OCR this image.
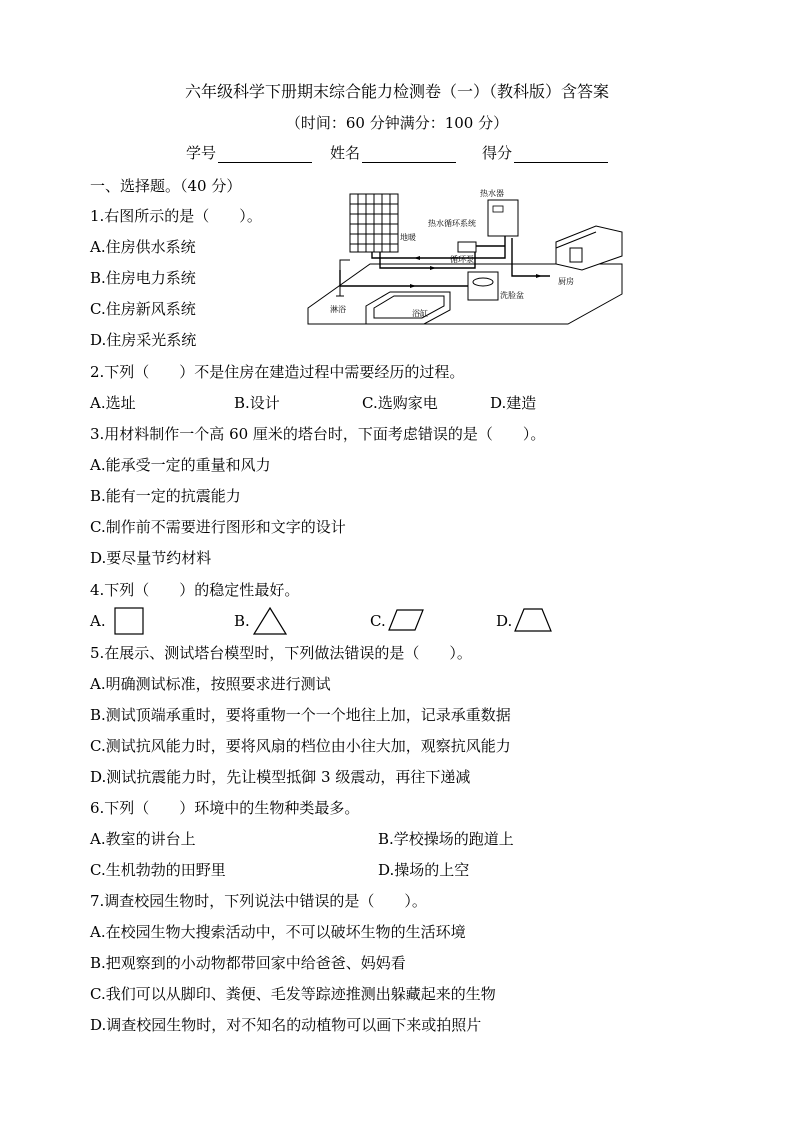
六年级科学下册期末综合能力检测卷（一）（教科版）含答案
（时间：60 分钟满分：100 分）
学号	姓名	得分
一、选择题。（40 分）
1.右图所示的是（　　）。
A.住房供水系统
B.住房电力系统
C.住房新风系统
D.住房采光系统
热水器
热水循环系统
地暖
循环泵
厨房
淋浴	浴缸
洗脸盆
2.下列（　　）不是住房在建造过程中需要经历的过程。
A.选址	B.设计	C.选购家电	D.建造
3.用材料制作一个高 60 厘米的塔台时，下面考虑错误的是（　　）。
A.能承受一定的重量和风力
B.能有一定的抗震能力
C.制作前不需要进行图形和文字的设计
D.要尽量节约材料
4.下列（　　）的稳定性最好。
A.	B.	C.	D.
5.在展示、测试塔台模型时，下列做法错误的是（　　）。
A.明确测试标准，按照要求进行测试
B.测试顶端承重时，要将重物一个一个地往上加，记录承重数据
C.测试抗风能力时，要将风扇的档位由小往大加，观察抗风能力
D.测试抗震能力时，先让模型抵御 3 级震动，再往下递减
6.下列（　　）环境中的生物种类最多。
A.教室的讲台上	B.学校操场的跑道上
C.生机勃勃的田野里	D.操场的上空
7.调查校园生物时，下列说法中错误的是（　　）。
A.在校园生物大搜索活动中，不可以破坏生物的生活环境
B.把观察到的小动物都带回家中给爸爸、妈妈看
C.我们可以从脚印、粪便、毛发等踪迹推测出躲藏起来的生物
D.调查校园生物时，对不知名的动植物可以画下来或拍照片
